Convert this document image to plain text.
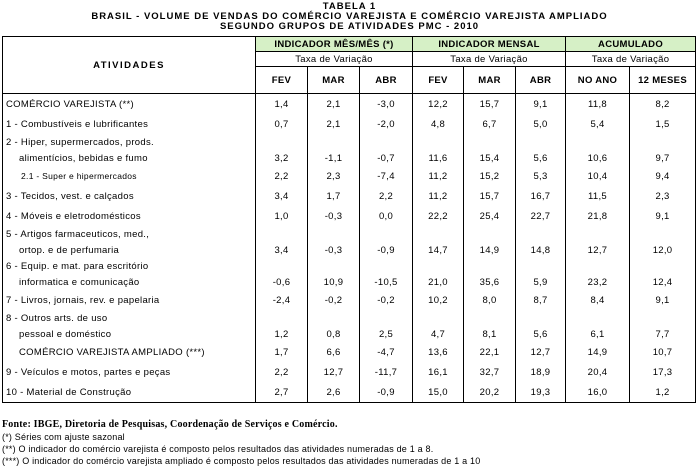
TABELA 1
BRASIL - VOLUME DE VENDAS DO COMÉRCIO VAREJISTA E COMÉRCIO VAREJISTA AMPLIADO
SEGUNDO GRUPOS DE ATIVIDADES PMC - 2010
ATIVIDADES	INDICADOR MÊS/MÊS (*)			INDICADOR MENSAL			ACUMULADO	
	Taxa de Variação			Taxa de Variação			Taxa de Variação	
	FEV	MAR	ABR	FEV	MAR	ABR	NO ANO	12 MESES
COMÉRCIO VAREJISTA (**)	1,4	2,1	-3,0	12,2	15,7	9,1	11,8	8,2
1 - Combustíveis e lubrificantes	0,7	2,1	-2,0	4,8	6,7	5,0	5,4	1,5
2 - Hiper, supermercados, prods.								
alimentícios, bebidas e fumo	3,2	-1,1	-0,7	11,6	15,4	5,6	10,6	9,7
2.1 - Super e hipermercados	2,2	2,3	-7,4	11,2	15,2	5,3	10,4	9,4
3 - Tecidos, vest. e calçados	3,4	1,7	2,2	11,2	15,7	16,7	11,5	2,3
4 - Móveis e eletrodomésticos	1,0	-0,3	0,0	22,2	25,4	22,7	21,8	9,1
5 - Artigos farmaceuticos, med.,								
ortop. e de perfumaria	3,4	-0,3	-0,9	14,7	14,9	14,8	12,7	12,0
6 - Equip. e mat. para escritório								
informatica e comunicação	-0,6	10,9	-10,5	21,0	35,6	5,9	23,2	12,4
7 - Livros, jornais, rev. e papelaria	-2,4	-0,2	-0,2	10,2	8,0	8,7	8,4	9,1
8 - Outros arts. de uso								
pessoal e doméstico	1,2	0,8	2,5	4,7	8,1	5,6	6,1	7,7
COMÉRCIO VAREJISTA AMPLIADO (***)	1,7	6,6	-4,7	13,6	22,1	12,7	14,9	10,7
9 - Veículos e motos, partes e peças	2,2	12,7	-11,7	16,1	32,7	18,9	20,4	17,3
10 - Material de Construção	2,7	2,6	-0,9	15,0	20,2	19,3	16,0	1,2
Fonte: IBGE, Diretoria de Pesquisas, Coordenação de Serviços e Comércio.
(*) Séries com ajuste sazonal
(**) O indicador do comércio varejista é composto pelos resultados das atividades numeradas de 1 a 8.
(***) O indicador do comércio varejista ampliado é composto pelos resultados das atividades numeradas de 1 a 10
